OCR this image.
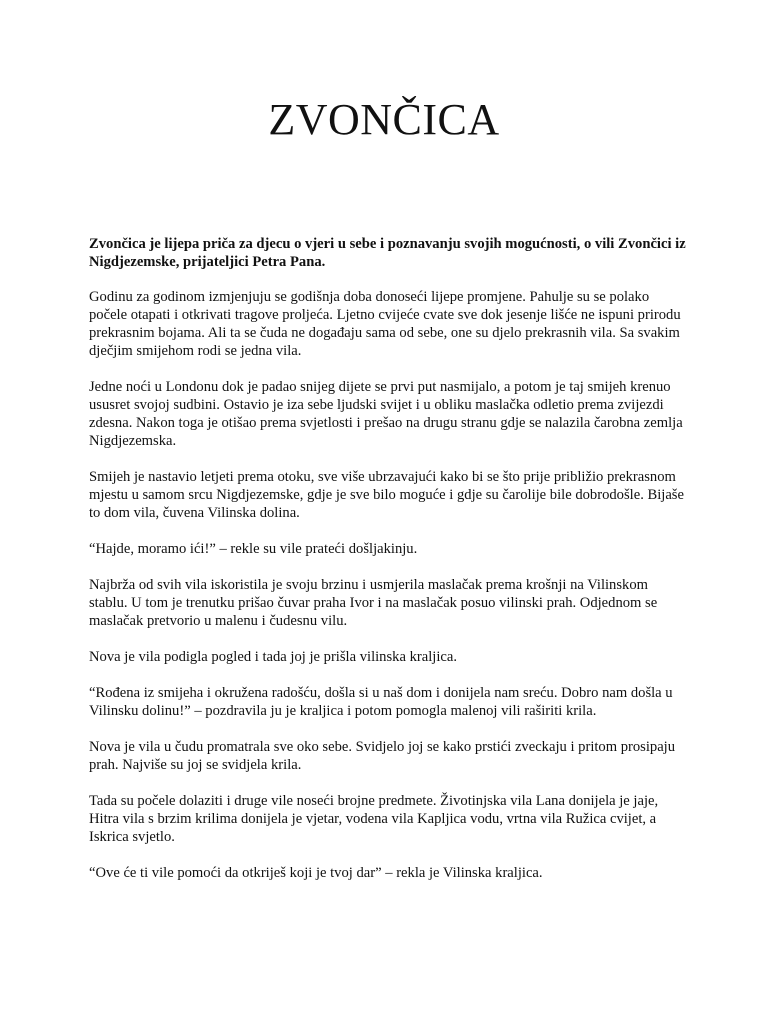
ZVONČICA

Zvončica je lijepa priča za djecu o vjeri u sebe i poznavanju svojih mogućnosti, o vili Zvončici iz Nigdjezemske, prijateljici Petra Pana.

Godinu za godinom izmjenjuju se godišnja doba donoseći lijepe promjene. Pahulje su se polako počele otapati i otkrivati tragove proljeća. Ljetno cvijeće cvate sve dok jesenje lišće ne ispuni prirodu prekrasnim bojama. Ali ta se čuda ne događaju sama od sebe, one su djelo prekrasnih vila. Sa svakim dječjim smijehom rodi se jedna vila.

Jedne noći u Londonu dok je padao snijeg dijete se prvi put nasmijalo, a potom je taj smijeh krenuo ususret svojoj sudbini. Ostavio je iza sebe ljudski svijet i u obliku maslačka odletio prema zvijezdi zdesna. Nakon toga je otišao prema svjetlosti i prešao na drugu stranu gdje se nalazila čarobna zemlja Nigdjezemska.

Smijeh je nastavio letjeti prema otoku, sve više ubrzavajući kako bi se što prije približio prekrasnom mjestu u samom srcu Nigdjezemske, gdje je sve bilo moguće i gdje su čarolije bile dobrodošle. Bijaše to dom vila, čuvena Vilinska dolina.

“Hajde, moramo ići!” – rekle su vile prateći došljakinju.

Najbrža od svih vila iskoristila je svoju brzinu i usmjerila maslačak prema krošnji na Vilinskom stablu. U tom je trenutku prišao čuvar praha Ivor i na maslačak posuo vilinski prah. Odjednom se maslačak pretvorio u malenu i čudesnu vilu.

Nova je vila podigla pogled i tada joj je prišla vilinska kraljica.

“Rođena iz smijeha i okružena radošću, došla si u naš dom i donijela nam sreću. Dobro nam došla u Vilinsku dolinu!” – pozdravila ju je kraljica i potom pomogla malenoj vili raširiti krila.

Nova je vila u čudu promatrala sve oko sebe. Svidjelo joj se kako prstići zveckaju i pritom prosipaju prah. Najviše su joj se svidjela krila.

Tada su počele dolaziti i druge vile noseći brojne predmete. Životinjska vila Lana donijela je jaje, Hitra vila s brzim krilima donijela je vjetar, vodena vila Kapljica vodu, vrtna vila Ružica cvijet, a Iskrica svjetlo.

“Ove će ti vile pomoći da otkriješ koji je tvoj dar” – rekla je Vilinska kraljica.
